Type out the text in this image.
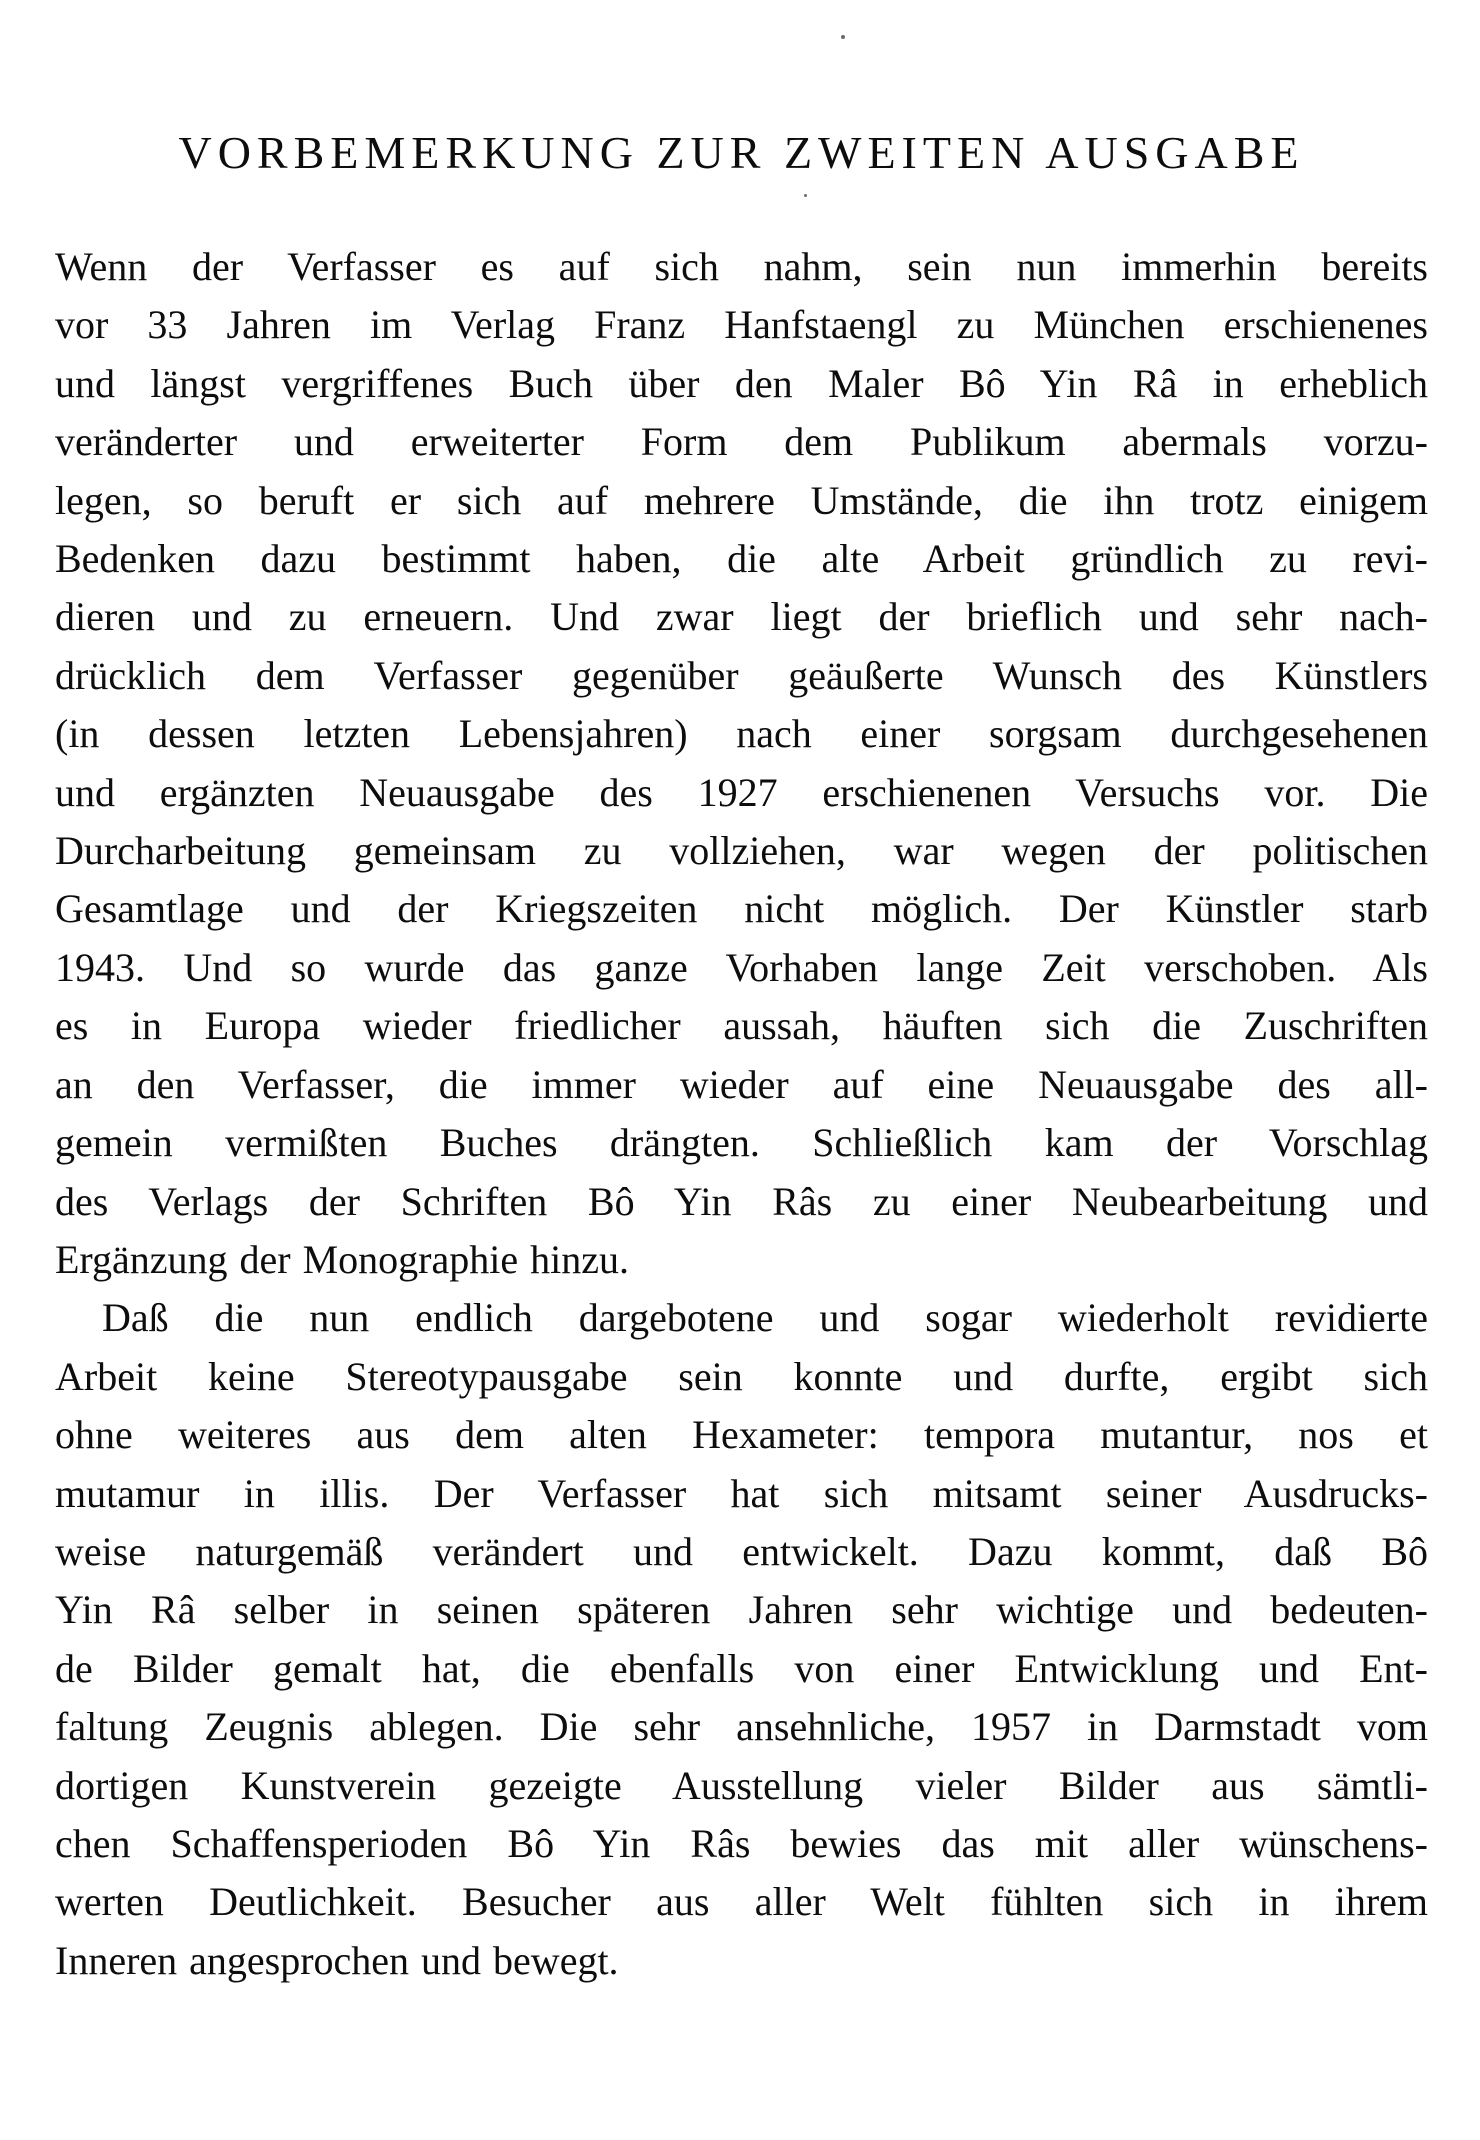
VORBEMERKUNG ZUR ZWEITEN AUSGABE
Wenn der Verfasser es auf sich nahm, sein nun immerhin bereits
vor 33 Jahren im Verlag Franz Hanfstaengl zu München erschienenes
und längst vergriffenes Buch über den Maler Bô Yin Râ in erheblich
veränderter und erweiterter Form dem Publikum abermals vorzu-
legen, so beruft er sich auf mehrere Umstände, die ihn trotz einigem
Bedenken dazu bestimmt haben, die alte Arbeit gründlich zu revi-
dieren und zu erneuern. Und zwar liegt der brieflich und sehr nach-
drücklich dem Verfasser gegenüber geäußerte Wunsch des Künstlers
(in dessen letzten Lebensjahren) nach einer sorgsam durchgesehenen
und ergänzten Neuausgabe des 1927 erschienenen Versuchs vor. Die
Durcharbeitung gemeinsam zu vollziehen, war wegen der politischen
Gesamtlage und der Kriegszeiten nicht möglich. Der Künstler starb
1943. Und so wurde das ganze Vorhaben lange Zeit verschoben. Als
es in Europa wieder friedlicher aussah, häuften sich die Zuschriften
an den Verfasser, die immer wieder auf eine Neuausgabe des all-
gemein vermißten Buches drängten. Schließlich kam der Vorschlag
des Verlags der Schriften Bô Yin Râs zu einer Neubearbeitung und
Ergänzung der Monographie hinzu.
Daß die nun endlich dargebotene und sogar wiederholt revidierte
Arbeit keine Stereotypausgabe sein konnte und durfte, ergibt sich
ohne weiteres aus dem alten Hexameter: tempora mutantur, nos et
mutamur in illis. Der Verfasser hat sich mitsamt seiner Ausdrucks-
weise naturgemäß verändert und entwickelt. Dazu kommt, daß Bô
Yin Râ selber in seinen späteren Jahren sehr wichtige und bedeuten-
de Bilder gemalt hat, die ebenfalls von einer Entwicklung und Ent-
faltung Zeugnis ablegen. Die sehr ansehnliche, 1957 in Darmstadt vom
dortigen Kunstverein gezeigte Ausstellung vieler Bilder aus sämtli-
chen Schaffensperioden Bô Yin Râs bewies das mit aller wünschens-
werten Deutlichkeit. Besucher aus aller Welt fühlten sich in ihrem
Inneren angesprochen und bewegt.
